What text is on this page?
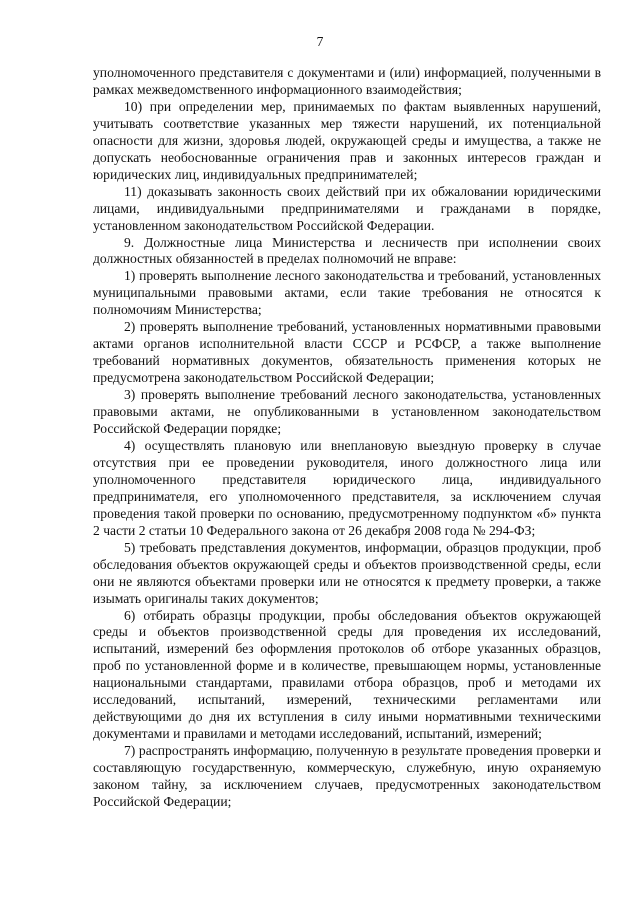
7

уполномоченного представителя с документами и (или) информацией, полученными в рамках межведомственного информационного взаимодействия;

10) при определении мер, принимаемых по фактам выявленных нарушений, учитывать соответствие указанных мер тяжести нарушений, их потенциальной опасности для жизни, здоровья людей, окружающей среды и имущества, а также не допускать необоснованные ограничения прав и законных интересов граждан и юридических лиц, индивидуальных предпринимателей;

11) доказывать законность своих действий при их обжаловании юридическими лицами, индивидуальными предпринимателями и гражданами в порядке, установленном законодательством Российской Федерации.

9. Должностные лица Министерства и лесничеств при исполнении своих должностных обязанностей в пределах полномочий не вправе:

1) проверять выполнение лесного законодательства и требований, установленных муниципальными правовыми актами, если такие требования не относятся к полномочиям Министерства;

2) проверять выполнение требований, установленных нормативными правовыми актами органов исполнительной власти СССР и РСФСР, а также выполнение требований нормативных документов, обязательность применения которых не предусмотрена законодательством Российской Федерации;

3) проверять выполнение требований лесного законодательства, установленных правовыми актами, не опубликованными в установленном законодательством Российской Федерации порядке;

4) осуществлять плановую или внеплановую выездную проверку в случае отсутствия при ее проведении руководителя, иного должностного лица или уполномоченного представителя юридического лица, индивидуального предпринимателя, его уполномоченного представителя, за исключением случая проведения такой проверки по основанию, предусмотренному подпунктом «б» пункта 2 части 2 статьи 10 Федерального закона от 26 декабря 2008 года № 294-ФЗ;

5) требовать представления документов, информации, образцов продукции, проб обследования объектов окружающей среды и объектов производственной среды, если они не являются объектами проверки или не относятся к предмету проверки, а также изымать оригиналы таких документов;

6) отбирать образцы продукции, пробы обследования объектов окружающей среды и объектов производственной среды для проведения их исследований, испытаний, измерений без оформления протоколов об отборе указанных образцов, проб по установленной форме и в количестве, превышающем нормы, установленные национальными стандартами, правилами отбора образцов, проб и методами их исследований, испытаний, измерений, техническими регламентами или действующими до дня их вступления в силу иными нормативными техническими документами и правилами и методами исследований, испытаний, измерений;

7) распространять информацию, полученную в результате проведения проверки и составляющую государственную, коммерческую, служебную, иную охраняемую законом тайну, за исключением случаев, предусмотренных законодательством Российской Федерации;
